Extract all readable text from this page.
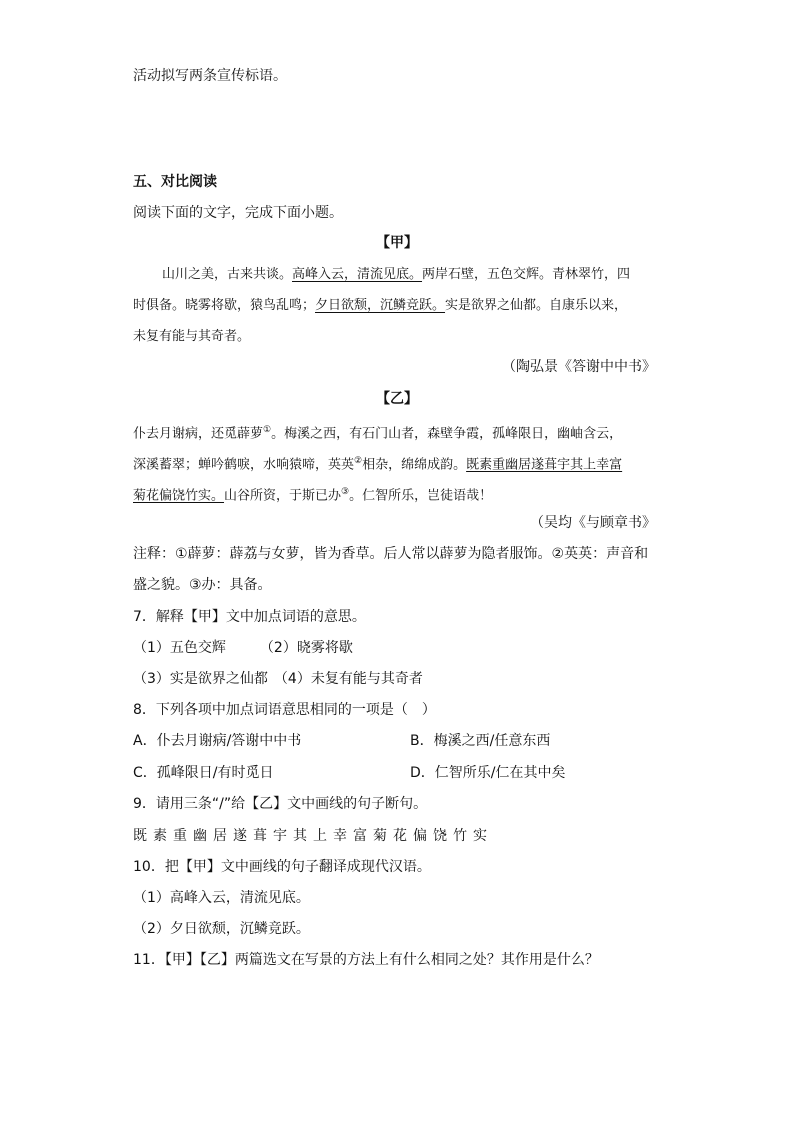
活动拟写两条宣传标语。
五、对比阅读
阅读下面的文字，完成下面小题。
【甲】
山川之美，古来共谈。高峰入云，清流见底。两岸石壁，五色交辉。青林翠竹，四
时俱备。晓雾将歇，猿鸟乱鸣；夕日欲颓，沉鳞竞跃。实是欲界之仙都。自康乐以来，
未复有能与其奇者。
（陶弘景《答谢中中书》
【乙】
仆去月谢病，还觅薜萝①。梅溪之西，有石门山者，森壁争霞，孤峰限日，幽岫含云，
深溪蓄翠；蝉吟鹤唳，水响猿啼，英英②相杂，绵绵成韵。既素重幽居遂葺宇其上幸富
菊花偏饶竹实。山谷所资，于斯已办③。仁智所乐，岂徒语哉！
（吴均《与顾章书》
注释：①薜萝：薜荔与女萝，皆为香草。后人常以薜萝为隐者服饰。②英英：声音和
盛之貌。③办：具备。
7．解释【甲】文中加点词语的意思。
（1）五色交辉 （2）晓雾将歇
（3）实是欲界之仙都 （4）未复有能与其奇者
8．下列各项中加点词语意思相同的一项是（　）
A．仆去月谢病/答谢中中书	B．梅溪之西/任意东西
C．孤峰限日/有时觅日	D．仁智所乐/仁在其中矣
9．请用三条“/”给【乙】文中画线的句子断句。
既素重幽居遂葺宇其上幸富菊花偏饶竹实
10．把【甲】文中画线的句子翻译成现代汉语。
（1）高峰入云，清流见底。
（2）夕日欲颓，沉鳞竞跃。
11．【甲】【乙】两篇选文在写景的方法上有什么相同之处？其作用是什么？
